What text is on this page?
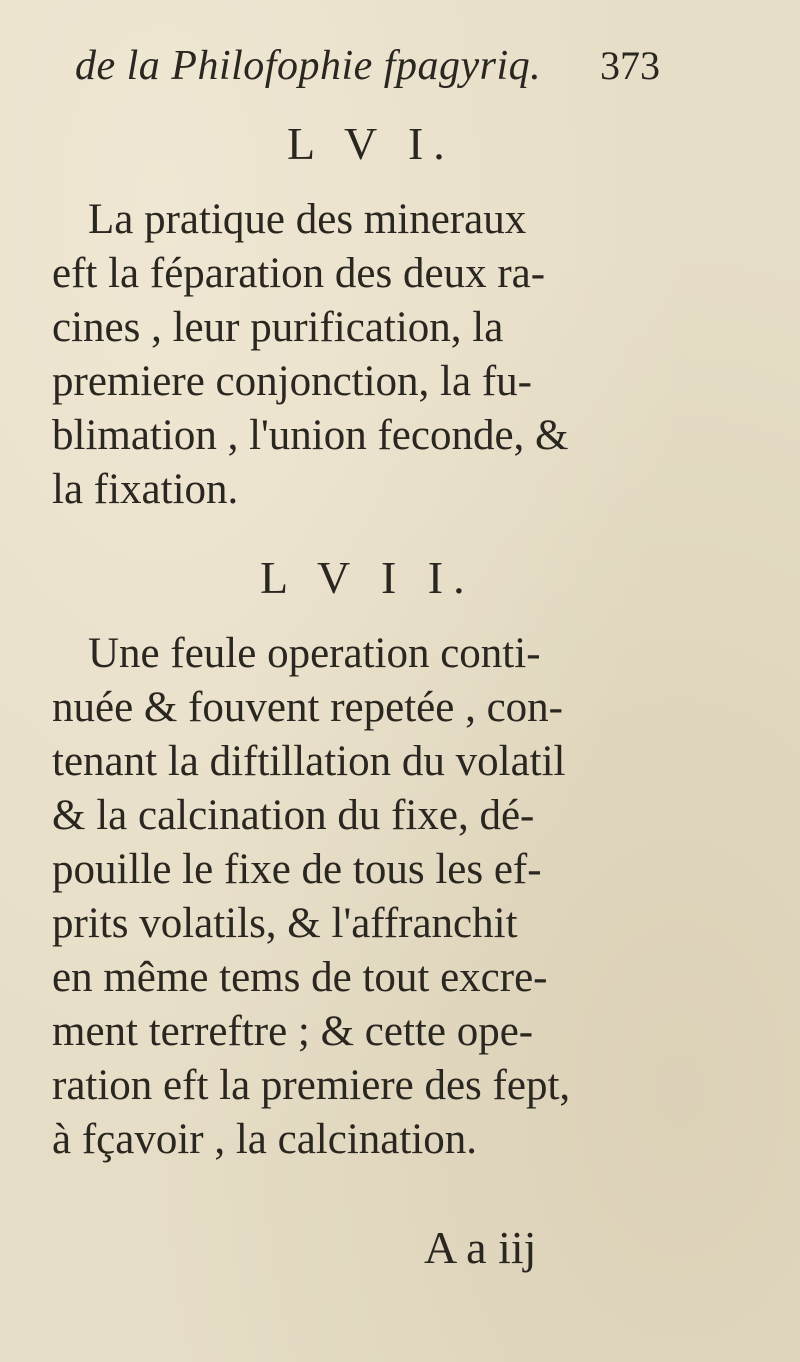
de la Philofophie fpagyriq. 373
L V I.
La pratique des mineraux
eft la féparation des deux ra-
cines , leur purification, la
premiere conjonction, la fu-
blimation , l'union feconde, &
la fixation.
L V I I.
Une feule operation conti-
nuée & fouvent repetée , con-
tenant la diftillation du volatil
& la calcination du fixe, dé-
pouille le fixe de tous les ef-
prits volatils, & l'affranchit
en même tems de tout excre-
ment terreftre ; & cette ope-
ration eft la premiere des fept,
à fçavoir , la calcination.
A a iij
